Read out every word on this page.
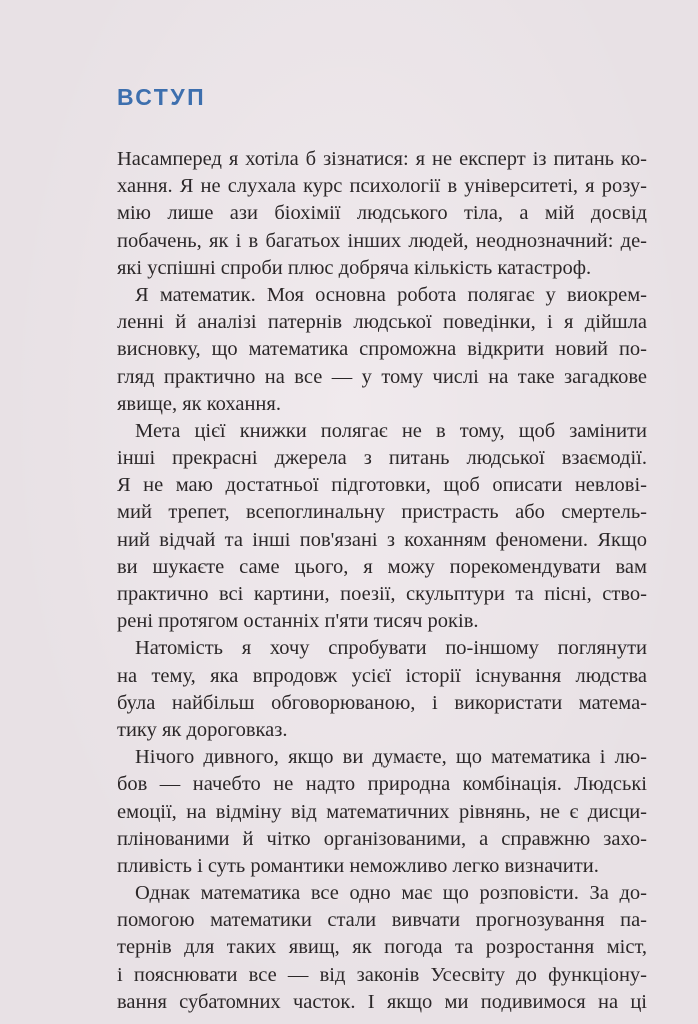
ВСТУП
Насамперед я хотіла б зізнатися: я не експерт із питань ко-
хання. Я не слухала курс психології в університеті, я розу-
мію лише ази біохімії людського тіла, а мій досвід
побачень, як і в багатьох інших людей, неоднозначний: де-
які успішні спроби плюс добряча кількість катастроф.
Я математик. Моя основна робота полягає у виокрем-
ленні й аналізі патернів людської поведінки, і я дійшла
висновку, що математика спроможна відкрити новий по-
гляд практично на все — у тому числі на таке загадкове
явище, як кохання.
Мета цієї книжки полягає не в тому, щоб замінити
інші прекрасні джерела з питань людської взаємодії.
Я не маю достатньої підготовки, щоб описати невлові-
мий трепет, всепоглинальну пристрасть або смертель-
ний відчай та інші пов'язані з коханням феномени. Якщо
ви шукаєте саме цього, я можу порекомендувати вам
практично всі картини, поезії, скульптури та пісні, ство-
рені протягом останніх п'яти тисяч років.
Натомість я хочу спробувати по-іншому поглянути
на тему, яка впродовж усієї історії існування людства
була найбільш обговорюваною, і використати матема-
тику як дороговказ.
Нічого дивного, якщо ви думаєте, що математика і лю-
бов — начебто не надто природна комбінація. Людські
емоції, на відміну від математичних рівнянь, не є дисци-
плінованими й чітко організованими, а справжню захо-
пливість і суть романтики неможливо легко визначити.
Однак математика все одно має що розповісти. За до-
помогою математики стали вивчати прогнозування па-
тернів для таких явищ, як погода та розростання міст,
і пояснювати все — від законів Усесвіту до функціону-
вання субатомних часток. І якщо ми подивимося на ці
